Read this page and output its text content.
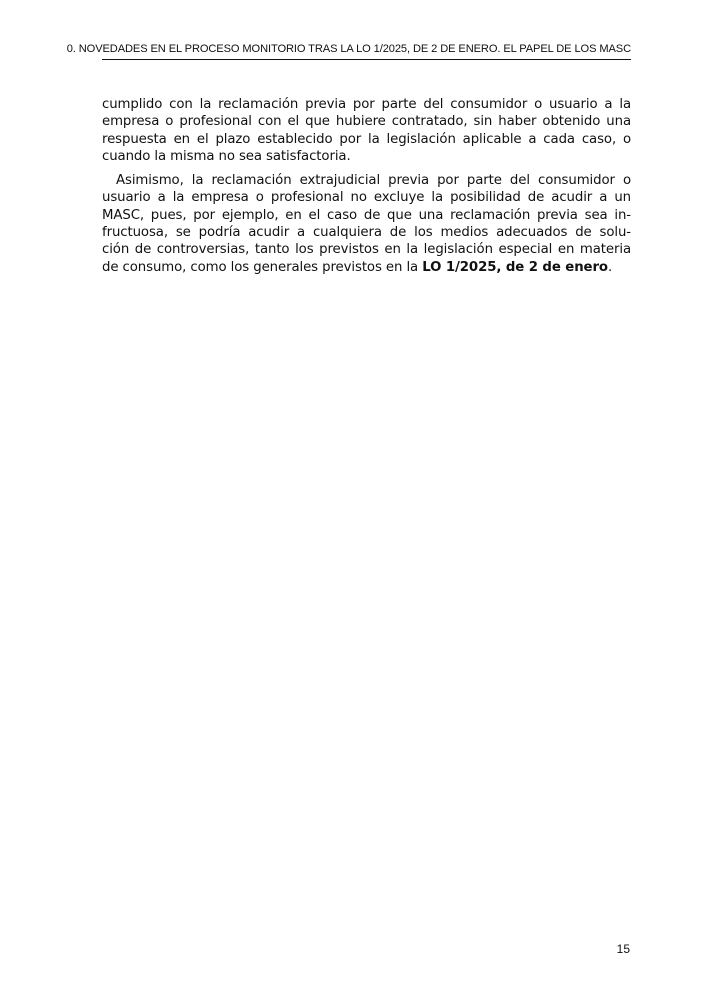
0. NOVEDADES EN EL PROCESO MONITORIO TRAS LA LO 1/2025, DE 2 DE ENERO. EL PAPEL DE LOS MASC

cumplido con la reclamación previa por parte del consumidor o usuario a la
empresa o profesional con el que hubiere contratado, sin haber obtenido una
respuesta en el plazo establecido por la legislación aplicable a cada caso, o
cuando la misma no sea satisfactoria.

Asimismo, la reclamación extrajudicial previa por parte del consumidor o
usuario a la empresa o profesional no excluye la posibilidad de acudir a un
MASC, pues, por ejemplo, en el caso de que una reclamación previa sea in-
fructuosa, se podría acudir a cualquiera de los medios adecuados de solu-
ción de controversias, tanto los previstos en la legislación especial en materia
de consumo, como los generales previstos en la LO 1/2025, de 2 de enero.

15
